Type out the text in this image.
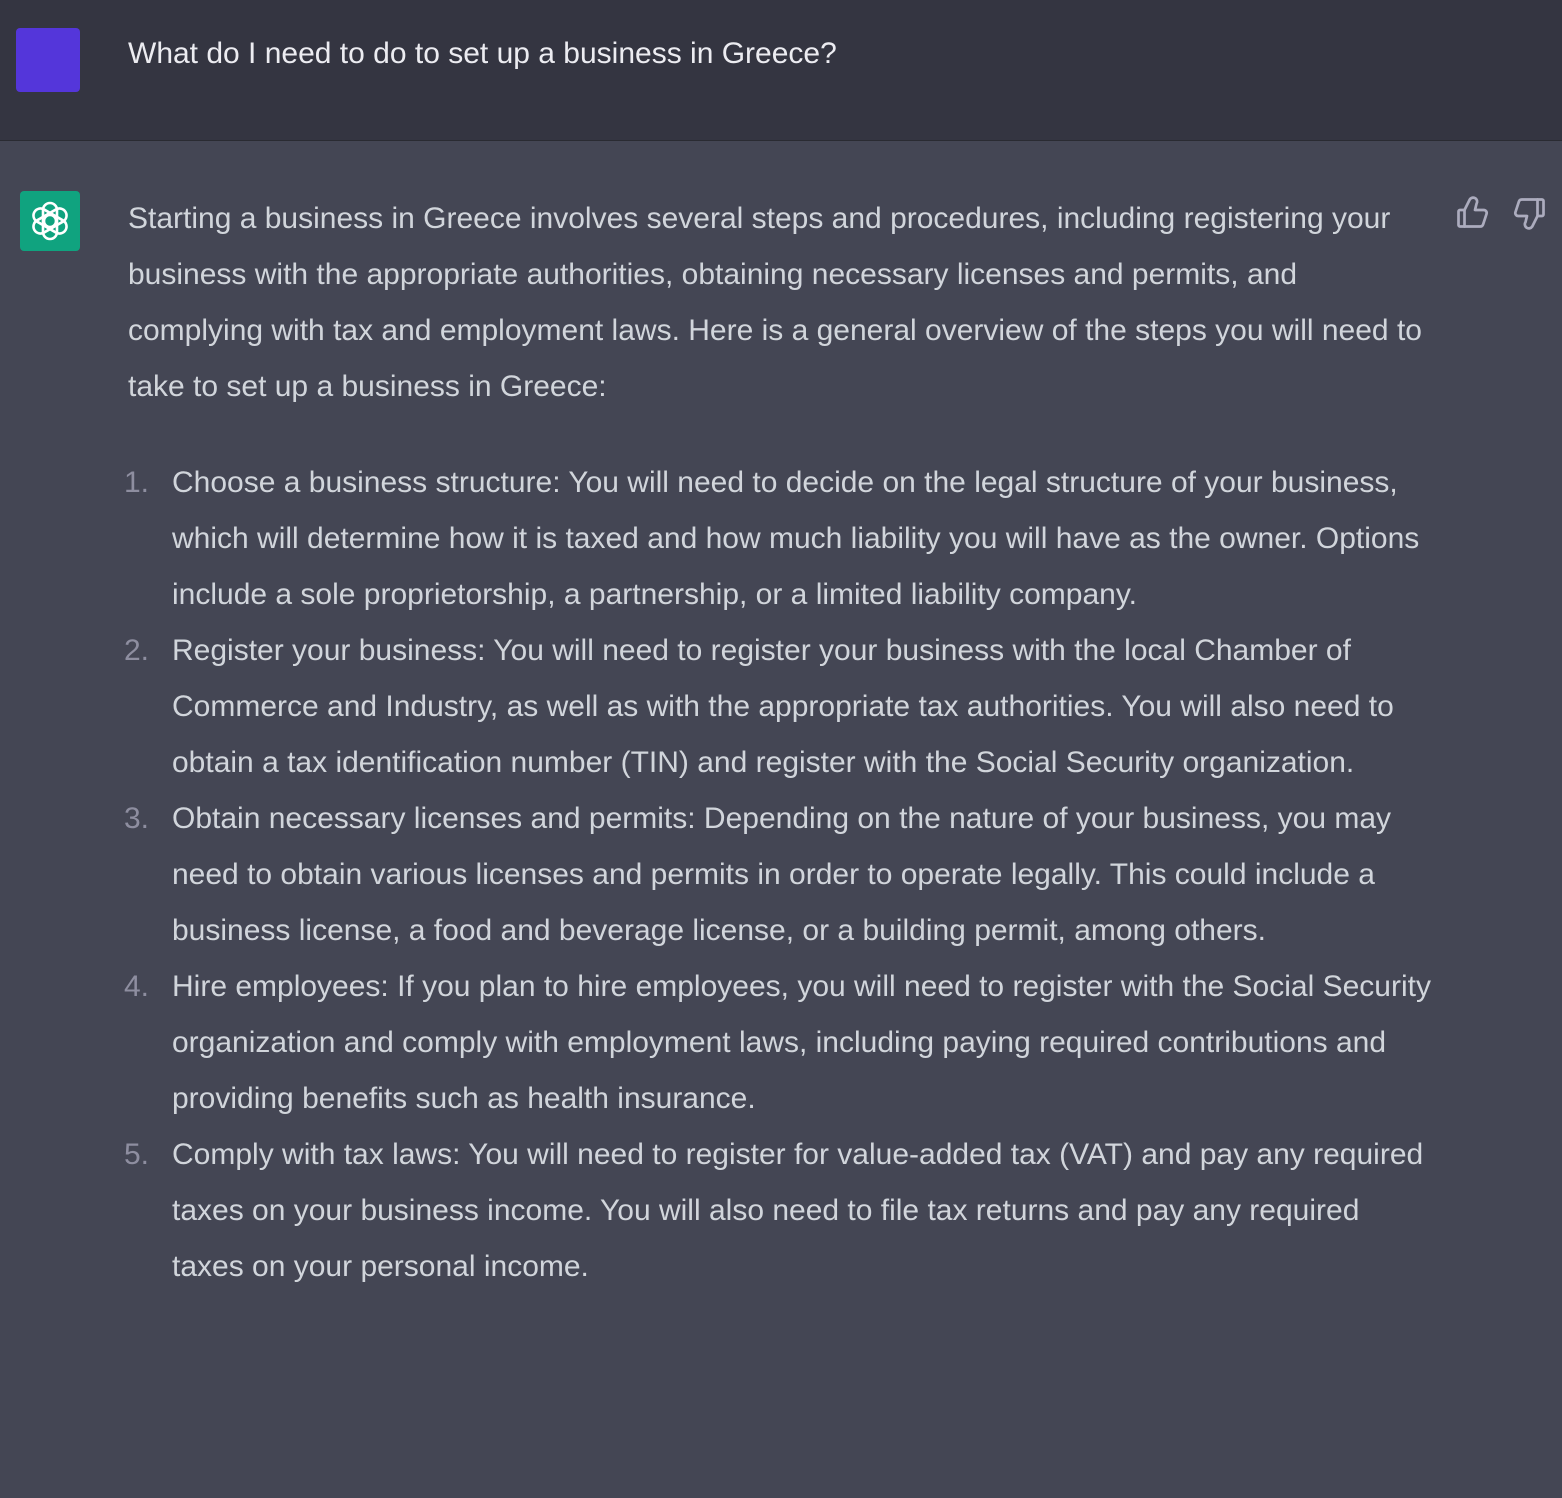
What do I need to do to set up a business in Greece?

Starting a business in Greece involves several steps and procedures, including registering your business with the appropriate authorities, obtaining necessary licenses and permits, and complying with tax and employment laws. Here is a general overview of the steps you will need to take to set up a business in Greece:

1. Choose a business structure: You will need to decide on the legal structure of your business, which will determine how it is taxed and how much liability you will have as the owner. Options include a sole proprietorship, a partnership, or a limited liability company.
2. Register your business: You will need to register your business with the local Chamber of Commerce and Industry, as well as with the appropriate tax authorities. You will also need to obtain a tax identification number (TIN) and register with the Social Security organization.
3. Obtain necessary licenses and permits: Depending on the nature of your business, you may need to obtain various licenses and permits in order to operate legally. This could include a business license, a food and beverage license, or a building permit, among others.
4. Hire employees: If you plan to hire employees, you will need to register with the Social Security organization and comply with employment laws, including paying required contributions and providing benefits such as health insurance.
5. Comply with tax laws: You will need to register for value-added tax (VAT) and pay any required taxes on your business income. You will also need to file tax returns and pay any required taxes on your personal income.
